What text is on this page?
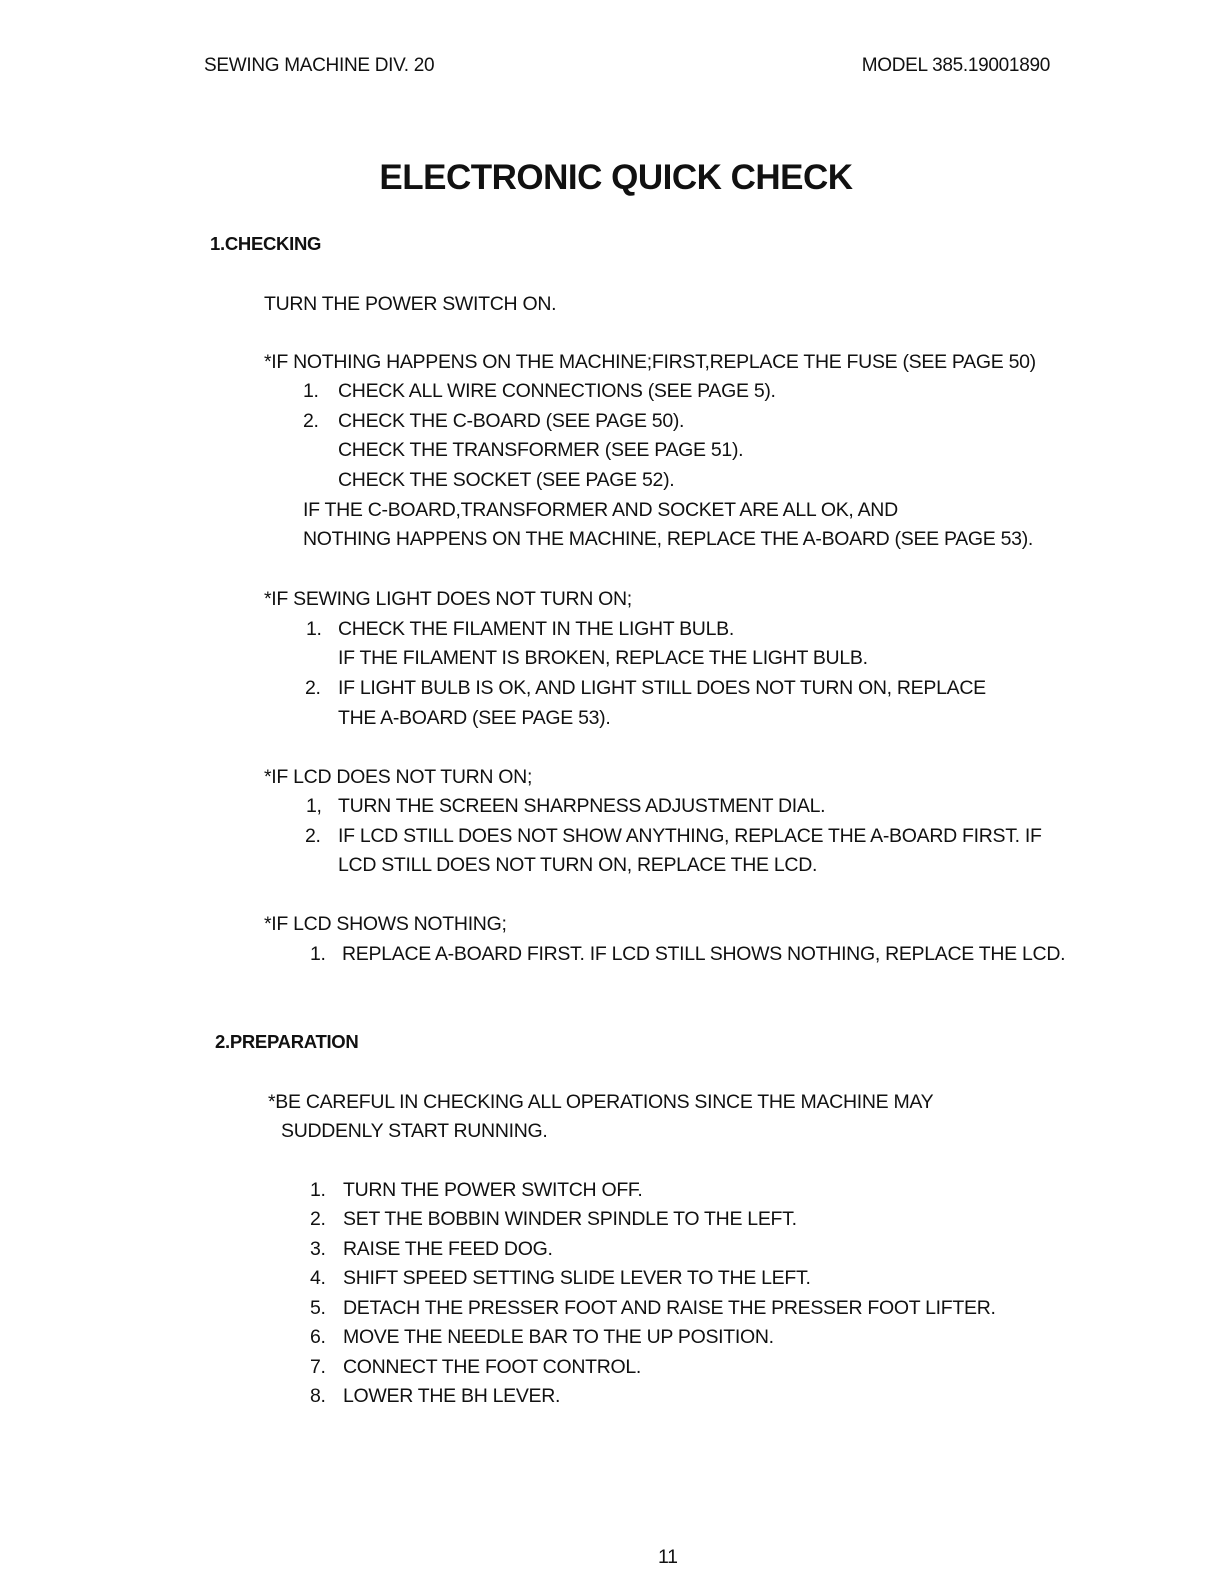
SEWING MACHINE DIV. 20	MODEL 385.19001890
ELECTRONIC QUICK CHECK
1.CHECKING
TURN THE POWER SWITCH ON.
*IF NOTHING HAPPENS ON THE MACHINE;FIRST,REPLACE THE FUSE (SEE PAGE 50)
1. CHECK ALL WIRE CONNECTIONS (SEE PAGE 5).
2. CHECK THE C-BOARD (SEE PAGE 50).
CHECK THE TRANSFORMER (SEE PAGE 51).
CHECK THE SOCKET (SEE PAGE 52).
IF THE C-BOARD,TRANSFORMER AND SOCKET ARE ALL OK, AND
NOTHING HAPPENS ON THE MACHINE, REPLACE THE A-BOARD (SEE PAGE 53).
*IF SEWING LIGHT DOES NOT TURN ON;
1. CHECK THE FILAMENT IN THE LIGHT BULB.
IF THE FILAMENT IS BROKEN, REPLACE THE LIGHT BULB.
2. IF LIGHT BULB IS OK, AND LIGHT STILL DOES NOT TURN ON, REPLACE
THE A-BOARD (SEE PAGE 53).
*IF LCD DOES NOT TURN ON;
1, TURN THE SCREEN SHARPNESS ADJUSTMENT DIAL.
2. IF LCD STILL DOES NOT SHOW ANYTHING, REPLACE THE A-BOARD FIRST. IF
LCD STILL DOES NOT TURN ON, REPLACE THE LCD.
*IF LCD SHOWS NOTHING;
1. REPLACE A-BOARD FIRST. IF LCD STILL SHOWS NOTHING, REPLACE THE LCD.
2.PREPARATION
*BE CAREFUL IN CHECKING ALL OPERATIONS SINCE THE MACHINE MAY
SUDDENLY START RUNNING.
1. TURN THE POWER SWITCH OFF.
2. SET THE BOBBIN WINDER SPINDLE TO THE LEFT.
3. RAISE THE FEED DOG.
4. SHIFT SPEED SETTING SLIDE LEVER TO THE LEFT.
5. DETACH THE PRESSER FOOT AND RAISE THE PRESSER FOOT LIFTER.
6. MOVE THE NEEDLE BAR TO THE UP POSITION.
7. CONNECT THE FOOT CONTROL.
8. LOWER THE BH LEVER.
11
